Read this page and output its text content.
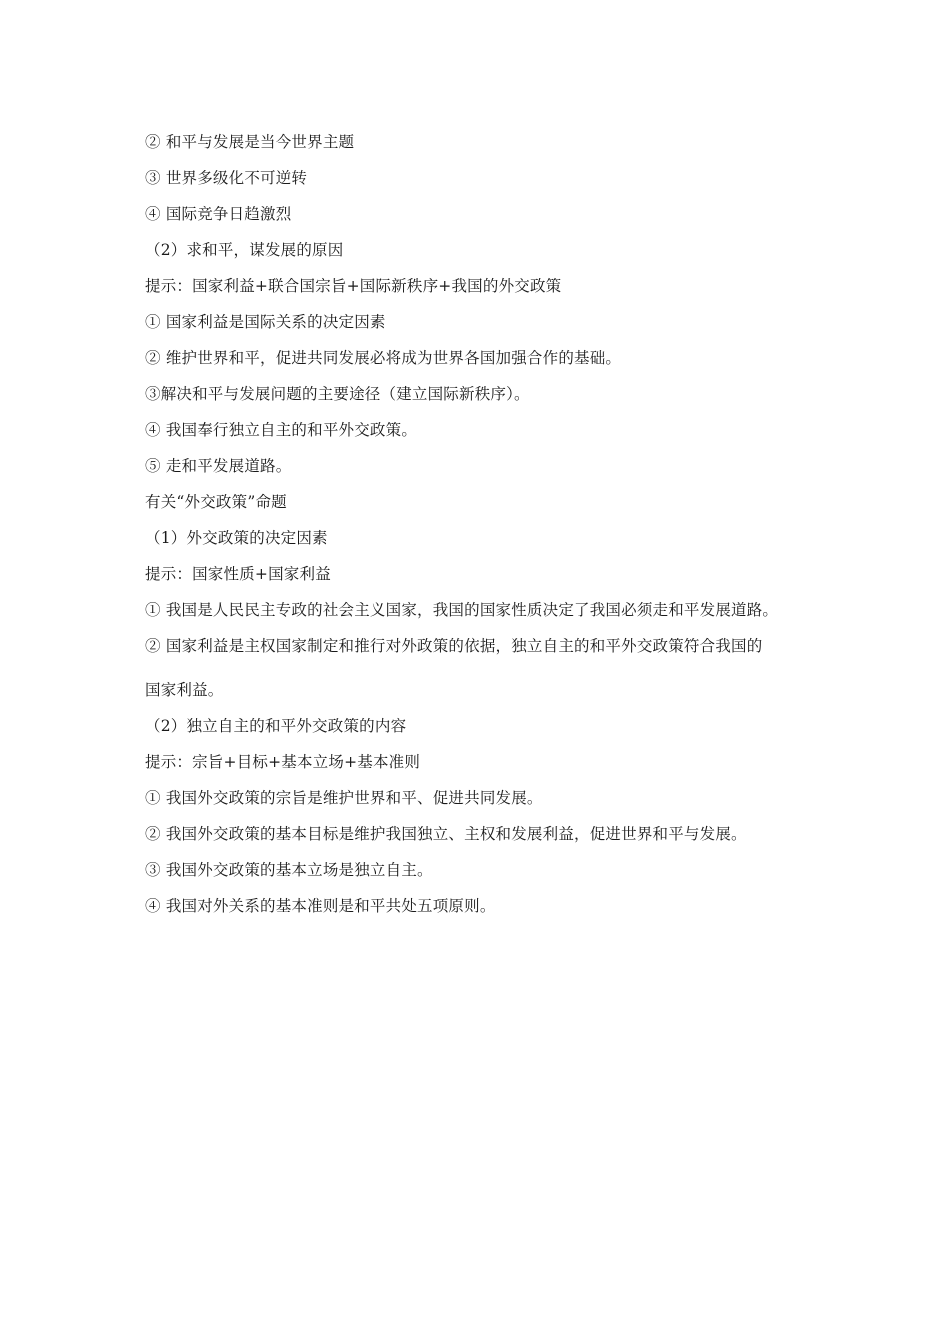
② 和平与发展是当今世界主题
③ 世界多级化不可逆转
④ 国际竞争日趋激烈
（2）求和平，谋发展的原因
提示：国家利益+联合国宗旨+国际新秩序+我国的外交政策
① 国家利益是国际关系的决定因素
② 维护世界和平，促进共同发展必将成为世界各国加强合作的基础。
③解决和平与发展问题的主要途径（建立国际新秩序）。
④ 我国奉行独立自主的和平外交政策。
⑤ 走和平发展道路。
有关“外交政策”命题
（1）外交政策的决定因素
提示：国家性质+国家利益
① 我国是人民民主专政的社会主义国家，我国的国家性质决定了我国必须走和平发展道路。
② 国家利益是主权国家制定和推行对外政策的依据，独立自主的和平外交政策符合我国的
国家利益。
（2）独立自主的和平外交政策的内容
提示：宗旨+目标+基本立场+基本准则
① 我国外交政策的宗旨是维护世界和平、促进共同发展。
② 我国外交政策的基本目标是维护我国独立、主权和发展利益，促进世界和平与发展。
③ 我国外交政策的基本立场是独立自主。
④ 我国对外关系的基本准则是和平共处五项原则。
